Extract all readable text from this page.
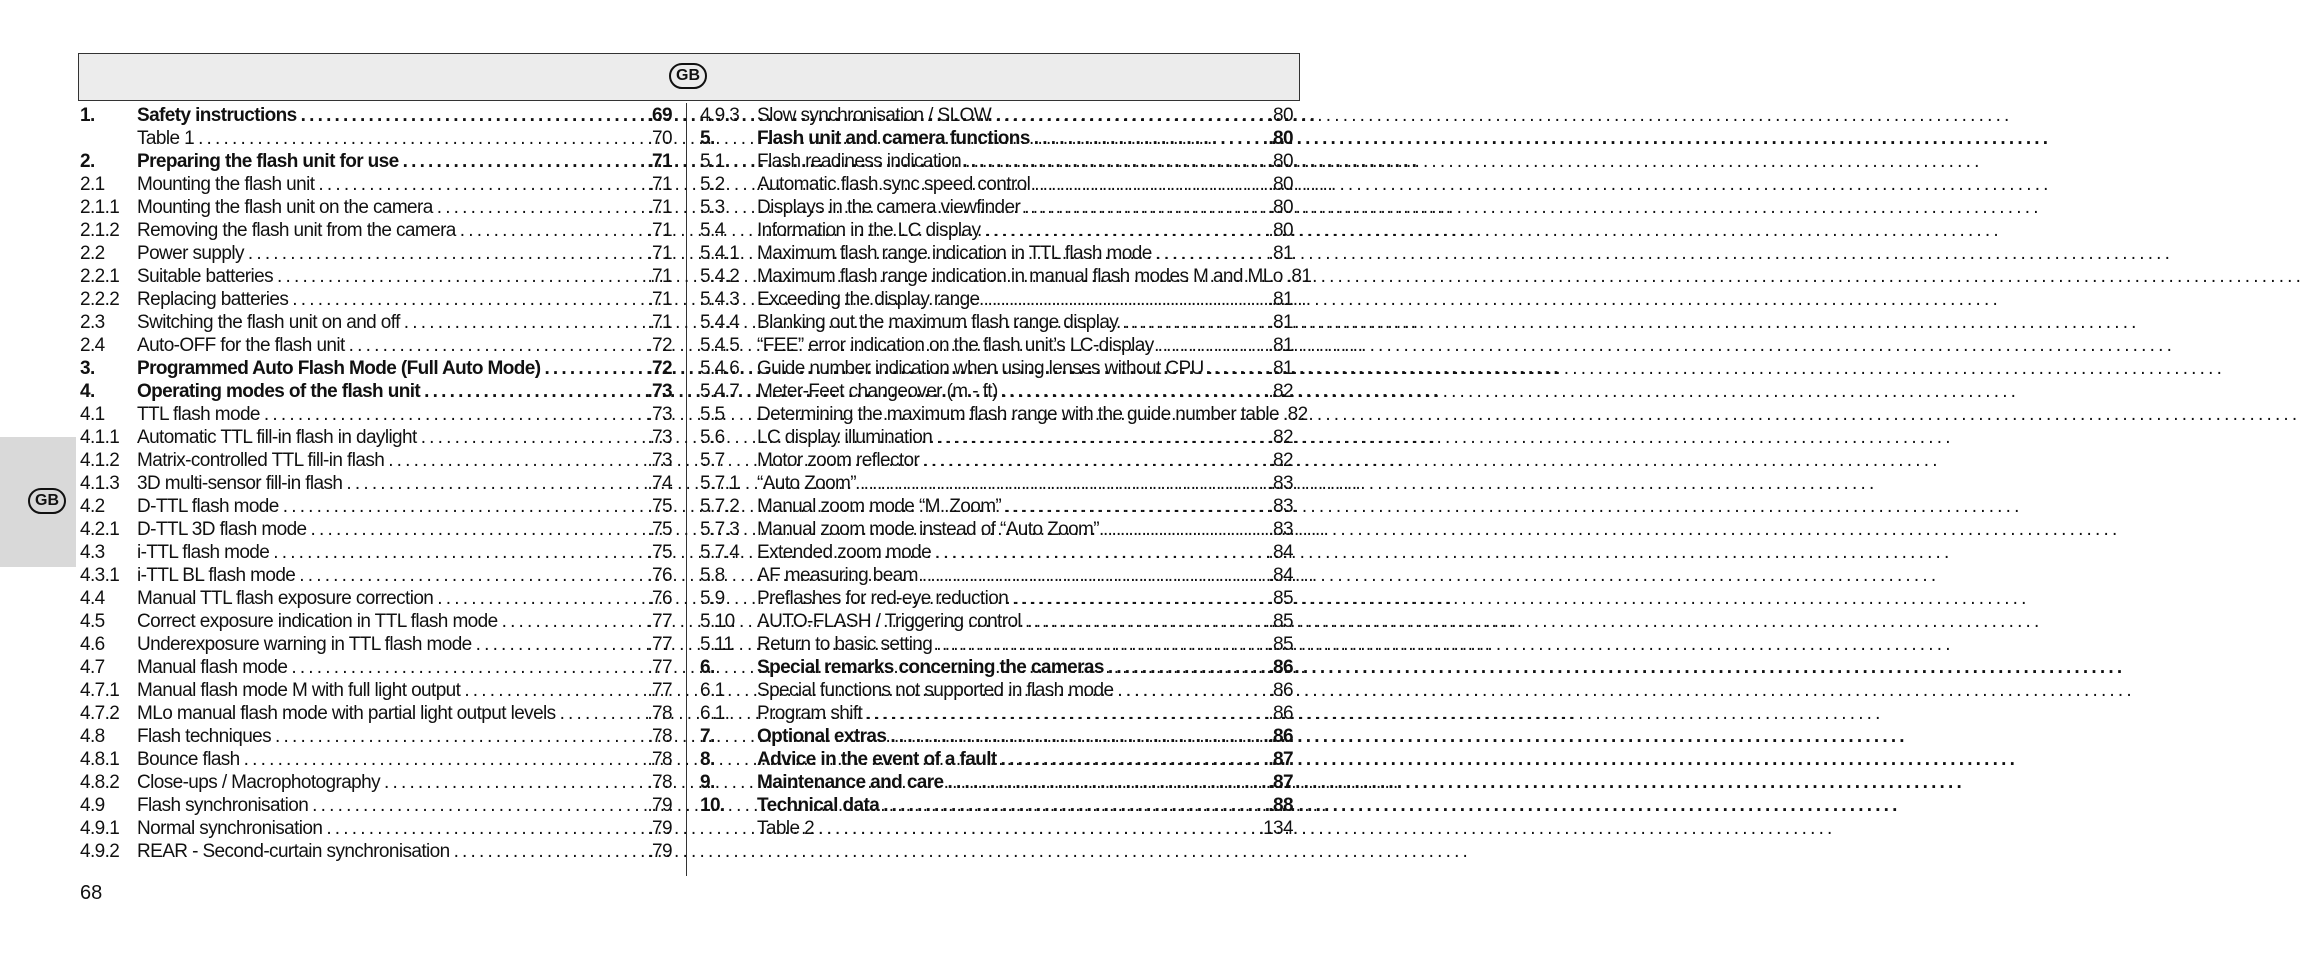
GB
GB
1.	Safety instructions .....	.69
Table 1 .....	.70
2.	Preparing the flash unit for use .....	.71
2.1	Mounting the flash unit .....	.71
2.1.1 Mounting the flash unit on the camera .....	.71
2.1.2 Removing the flash unit from the camera .....	.71
2.2	Power supply .....	.71
2.2.1 Suitable batteries .....	.71
2.2.2 Replacing batteries .....	.71
2.3	Switching the flash unit on and off .....	.71
2.4	Auto-OFF for the flash unit .....	.72
3.	Programmed Auto Flash Mode (Full Auto Mode) .....	.72
4.	Operating modes of the flash unit .....	.73
4.1	TTL flash mode .....	.73
4.1.1 Automatic TTL fill-in flash in daylight .....	.73
4.1.2 Matrix-controlled TTL fill-in flash .....	.73
4.1.3 3D multi-sensor fill-in flash .....	.74
4.2	D-TTL flash mode .....	.75
4.2.1 D-TTL 3D flash mode .....	.75
4.3	i-TTL flash mode .....	.75
4.3.1 i-TTL BL flash mode .....	.76
4.4	Manual TTL flash exposure correction .....	.76
4.5	Correct exposure indication in TTL flash mode .....	.77
4.6	Underexposure warning in TTL flash mode .....	.77
4.7	Manual flash mode .....	.77
4.7.1 Manual flash mode M with full light output .....	.77
4.7.2 MLo manual flash mode with partial light output levels .....	.78
4.8	Flash techniques .....	.78
4.8.1 Bounce flash .....	.78
4.8.2 Close-ups / Macrophotography .....	.78
4.9	Flash synchronisation .....	.79
4.9.1 Normal synchronisation .....	.79
4.9.2 REAR - Second-curtain synchronisation .....	.79
4.9.3 Slow synchronisation / SLOW .....	.80
5.	Flash unit and camera functions .....	.80
5.1	Flash readiness indication .....	.80
5.2	Automatic flash sync speed control .....	.80
5.3	Displays in the camera viewfinder .....	.80
5.4	Information in the LC display .....	.80
5.4.1 Maximum flash range indication in TTL flash mode .....	.81
5.4.2 Maximum flash range indication in manual flash modes M and MLo .81
5.4.3 Exceeding the display range .....	.81
5.4.4 Blanking out the maximum flash range display .....	.81
5.4.5 “FEE” error indication on the flash unit’s LC-display .....	.81
5.4.6 Guide number indication when using lenses without CPU .....	.81
5.4.7 Meter-Feet changeover (m - ft) .....	.82
5.5	Determining the maximum flash range with the guide number table .82
5.6	LC display illumination .....	.82
5.7	Motor zoom reflector .....	.82
5.7.1 “Auto Zoom” .....	.83
5.7.2 Manual zoom mode “M. Zoom” .....	.83
5.7.3 Manual zoom mode instead of “Auto Zoom” .....	.83
5.7.4 Extended zoom mode .....	.84
5.8	AF measuring beam .....	.84
5.9	Preflashes for red-eye reduction .....	.85
5.10	AUTO-FLASH / Triggering control .....	.85
5.11	Return to basic setting .....	.85
6.	Special remarks concerning the cameras .....	.86
6.1	Special functions not supported in flash mode .....	.86
6.1.	Program shift .....	.86
7.	Optional extras .....	.86
8.	Advice in the event of a fault .....	.87
9.	Maintenance and care .....	.87
10.	Technical data .....	.88
Table 2 .....	.134
68
